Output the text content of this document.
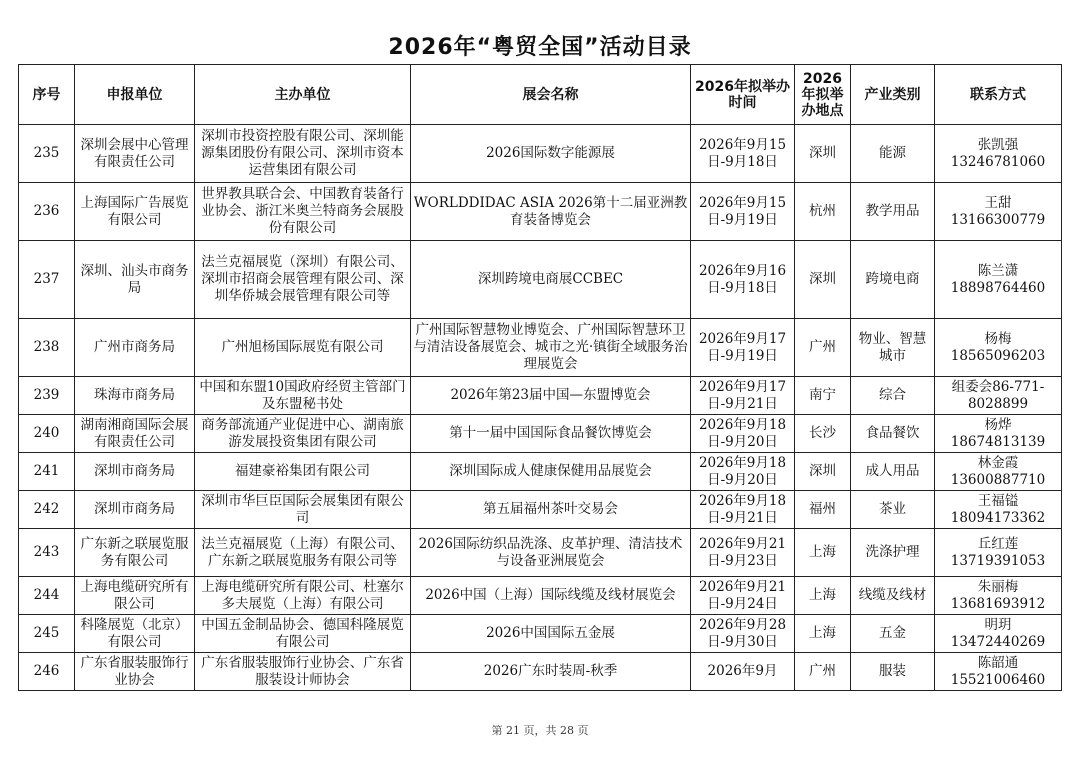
2026年“粤贸全国”活动目录
序号	申报单位	主办单位	展会名称	2026年拟举办时间	2026年拟举办地点	产业类别	联系方式
235	深圳会展中心管理有限责任公司	深圳市投资控股有限公司、深圳能源集团股份有限公司、深圳市资本运营集团有限公司	2026国际数字能源展	2026年9月15日-9月18日	深圳	能源	张凯强 13246781060
236	上海国际广告展览有限公司	世界教具联合会、中国教育装备行业协会、浙江米奥兰特商务会展股份有限公司	WORLDDIDAC ASIA 2026第十二届亚洲教育装备博览会	2026年9月15日-9月19日	杭州	教学用品	王甜 13166300779
237	深圳、汕头市商务局	法兰克福展览（深圳）有限公司、深圳市招商会展管理有限公司、深圳华侨城会展管理有限公司等	深圳跨境电商展CCBEC	2026年9月16日-9月18日	深圳	跨境电商	陈兰潇 18898764460
238	广州市商务局	广州旭杨国际展览有限公司	广州国际智慧物业博览会、广州国际智慧环卫与清洁设备展览会、城市之光·镇街全域服务治理展览会	2026年9月17日-9月19日	广州	物业、智慧城市	杨梅 18565096203
239	珠海市商务局	中国和东盟10国政府经贸主管部门及东盟秘书处	2026年第23届中国—东盟博览会	2026年9月17日-9月21日	南宁	综合	组委会86-771-8028899
240	湖南湘商国际会展有限责任公司	商务部流通产业促进中心、湖南旅游发展投资集团有限公司	第十一届中国国际食品餐饮博览会	2026年9月18日-9月20日	长沙	食品餐饮	杨烨 18674813139
241	深圳市商务局	福建豪裕集团有限公司	深圳国际成人健康保健用品展览会	2026年9月18日-9月20日	深圳	成人用品	林金霞 13600887710
242	深圳市商务局	深圳市华巨臣国际会展集团有限公司	第五届福州茶叶交易会	2026年9月18日-9月21日	福州	茶业	王福镒 18094173362
243	广东新之联展览服务有限公司	法兰克福展览（上海）有限公司、广东新之联展览服务有限公司等	2026国际纺织品洗涤、皮革护理、清洁技术与设备亚洲展览会	2026年9月21日-9月23日	上海	洗涤护理	丘红莲 13719391053
244	上海电缆研究所有限公司	上海电缆研究所有限公司、杜塞尔多夫展览（上海）有限公司	2026中国（上海）国际线缆及线材展览会	2026年9月21日-9月24日	上海	线缆及线材	朱丽梅 13681693912
245	科隆展览（北京）有限公司	中国五金制品协会、德国科隆展览有限公司	2026中国国际五金展	2026年9月28日-9月30日	上海	五金	明玥 13472440269
246	广东省服装服饰行业协会	广东省服装服饰行业协会、广东省服装设计师协会	2026广东时装周-秋季	2026年9月	广州	服装	陈韶通 15521006460
第 21 页，共 28 页
